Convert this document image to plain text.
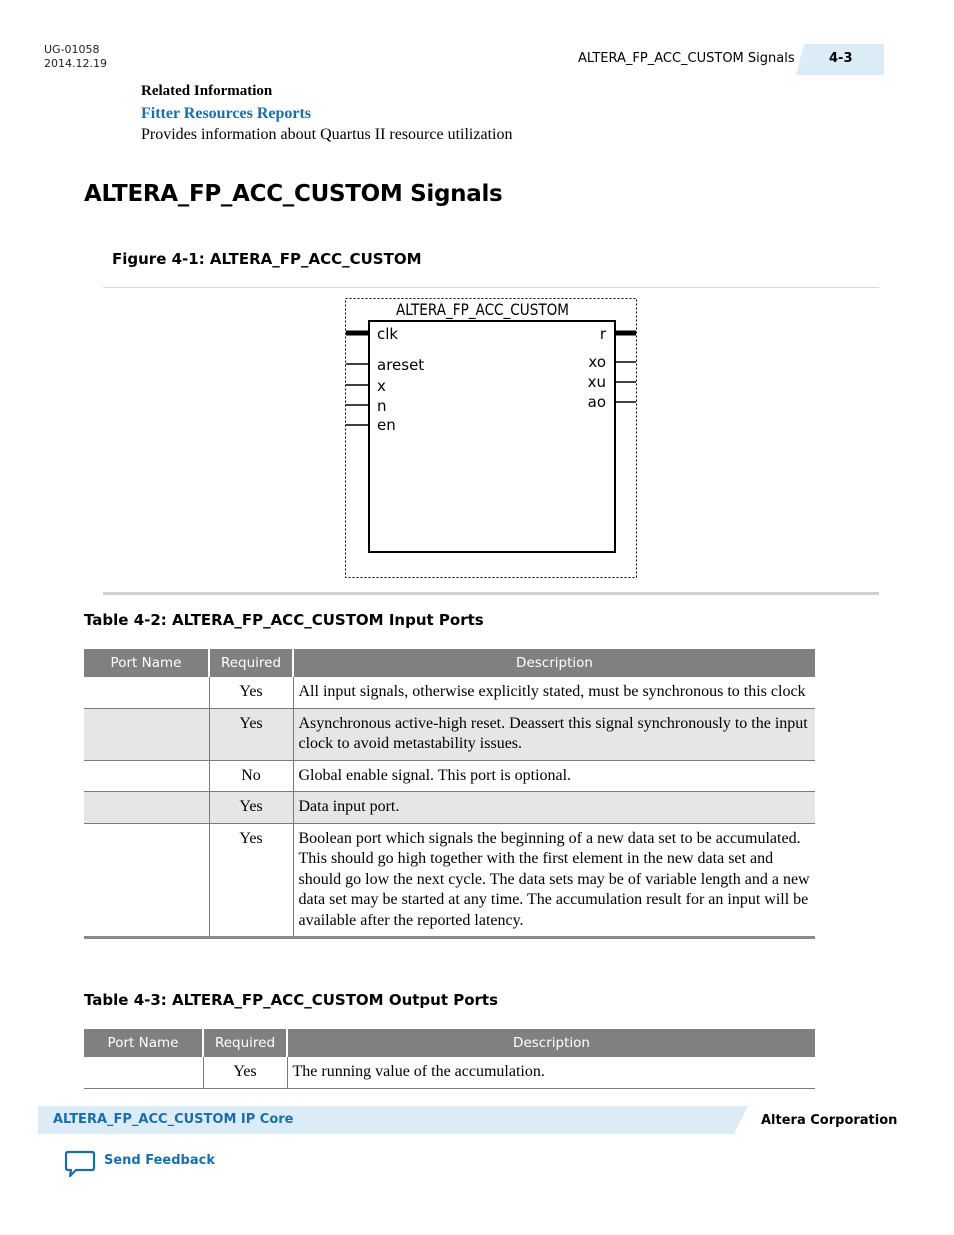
UG-01058
2014.12.19	ALTERA_FP_ACC_CUSTOM Signals	4-3
Related Information
Fitter Resources Reports
Provides information about Quartus II resource utilization
ALTERA_FP_ACC_CUSTOM Signals
Figure 4-1: ALTERA_FP_ACC_CUSTOM
ALTERA_FP_ACC_CUSTOM
clk
areset
x
n
en
r
xo
xu
ao
Table 4-2: ALTERA_FP_ACC_CUSTOM Input Ports
Port Name	Required	Description
	Yes	All input signals, otherwise explicitly stated, must be synchronous to this clock
	Yes	Asynchronous active-high reset. Deassert this signal synchronously to the input clock to avoid metastability issues.
	No	Global enable signal. This port is optional.
	Yes	Data input port.
	Yes	Boolean port which signals the beginning of a new data set to be accumulated. This should go high together with the first element in the new data set and should go low the next cycle. The data sets may be of variable length and a new data set may be started at any time. The accumulation result for an input will be available after the reported latency.
Table 4-3: ALTERA_FP_ACC_CUSTOM Output Ports
Port Name	Required	Description
	Yes	The running value of the accumulation.
ALTERA_FP_ACC_CUSTOM IP Core	Altera Corporation
Send Feedback
